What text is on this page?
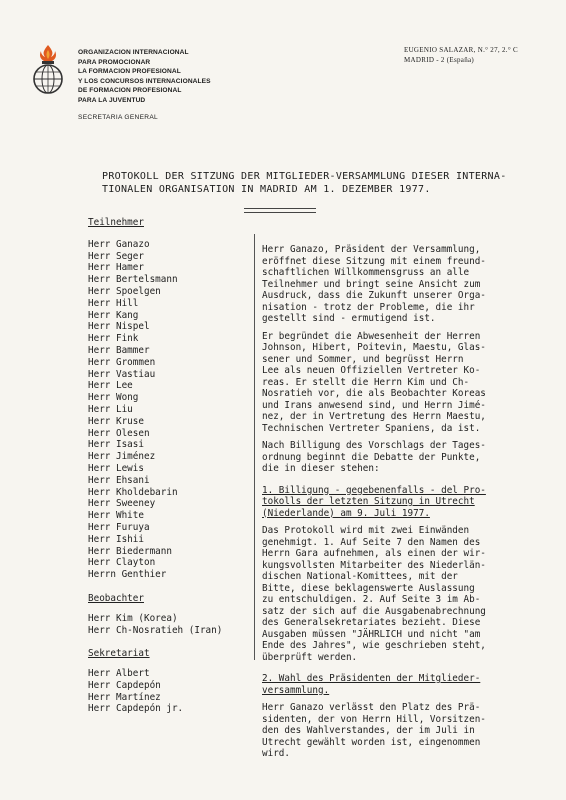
ORGANIZACION INTERNACIONAL
PARA PROMOCIONAR
LA FORMACION PROFESIONAL
Y LOS CONCURSOS INTERNACIONALES
DE FORMACION PROFESIONAL
PARA LA JUVENTUD
SECRETARIA GENERAL
EUGENIO SALAZAR, N.° 27, 2.° C
MADRID - 2 (España)
PROTOKOLL DER SITZUNG DER MITGLIEDER-VERSAMMLUNG DIESER INTERNA-
TIONALEN ORGANISATION IN MADRID AM 1. DEZEMBER 1977.
Teilnehmer
Herr Ganazo
Herr Seger
Herr Hamer
Herr Bertelsmann
Herr Spoelgen
Herr Hill
Herr Kang
Herr Nispel
Herr Fink
Herr Bammer
Herr Grommen
Herr Vastiau
Herr Lee
Herr Wong
Herr Liu
Herr Kruse
Herr Olesen
Herr Isasi
Herr Jiménez
Herr Lewis
Herr Ehsani
Herr Kholdebarin
Herr Sweeney
Herr White
Herr Furuya
Herr Ishii
Herr Biedermann
Herr Clayton
Herrn Genthier
Beobachter
Herr Kim (Korea)
Herr Ch-Nosratieh (Iran)
Sekretariat
Herr Albert
Herr Capdepón
Herr Martínez
Herr Capdepón jr.
Herr Ganazo, Präsident der Versammlung,
eröffnet diese Sitzung mit einem freund-
schaftlichen Willkommensgruss an alle
Teilnehmer und bringt seine Ansicht zum
Ausdruck, dass die Zukunft unserer Orga-
nisation - trotz der Probleme, die ihr
gestellt sind - ermutigend ist.
Er begründet die Abwesenheit der Herren
Johnson, Hibert, Poitevin, Maestu, Glas-
sener und Sommer, und begrüsst Herrn
Lee als neuen Offiziellen Vertreter Ko-
reas. Er stellt die Herrn Kim und Ch-
Nosratieh vor, die als Beobachter Koreas
und Irans anwesend sind, und Herrn Jimé-
nez, der in Vertretung des Herrn Maestu,
Technischen Vertreter Spaniens, da ist.
Nach Billigung des Vorschlags der Tages-
ordnung beginnt die Debatte der Punkte,
die in dieser stehen:
1. Billigung - gegebenenfalls - del Pro-
tokolls der letzten Sitzung in Utrecht
(Niederlande) am 9. Juli 1977.
Das Protokoll wird mit zwei Einwänden
genehmigt. 1. Auf Seite 7 den Namen des
Herrn Gara aufnehmen, als einen der wir-
kungsvollsten Mitarbeiter des Niederlän-
dischen National-Komittees, mit der
Bitte, diese beklagenswerte Auslassung
zu entschuldigen. 2. Auf Seite 3 im Ab-
satz der sich auf die Ausgabenabrechnung
des Generalsekretariates bezieht. Diese
Ausgaben müssen "JÄHRLICH und nicht "am
Ende des Jahres", wie geschrieben steht,
überprüft werden.
2. Wahl des Präsidenten der Mitglieder-
versammlung.
Herr Ganazo verlässt den Platz des Prä-
sidenten, der von Herrn Hill, Vorsitzen-
den des Wahlverstandes, der im Juli in
Utrecht gewählt worden ist, eingenommen
wird.
